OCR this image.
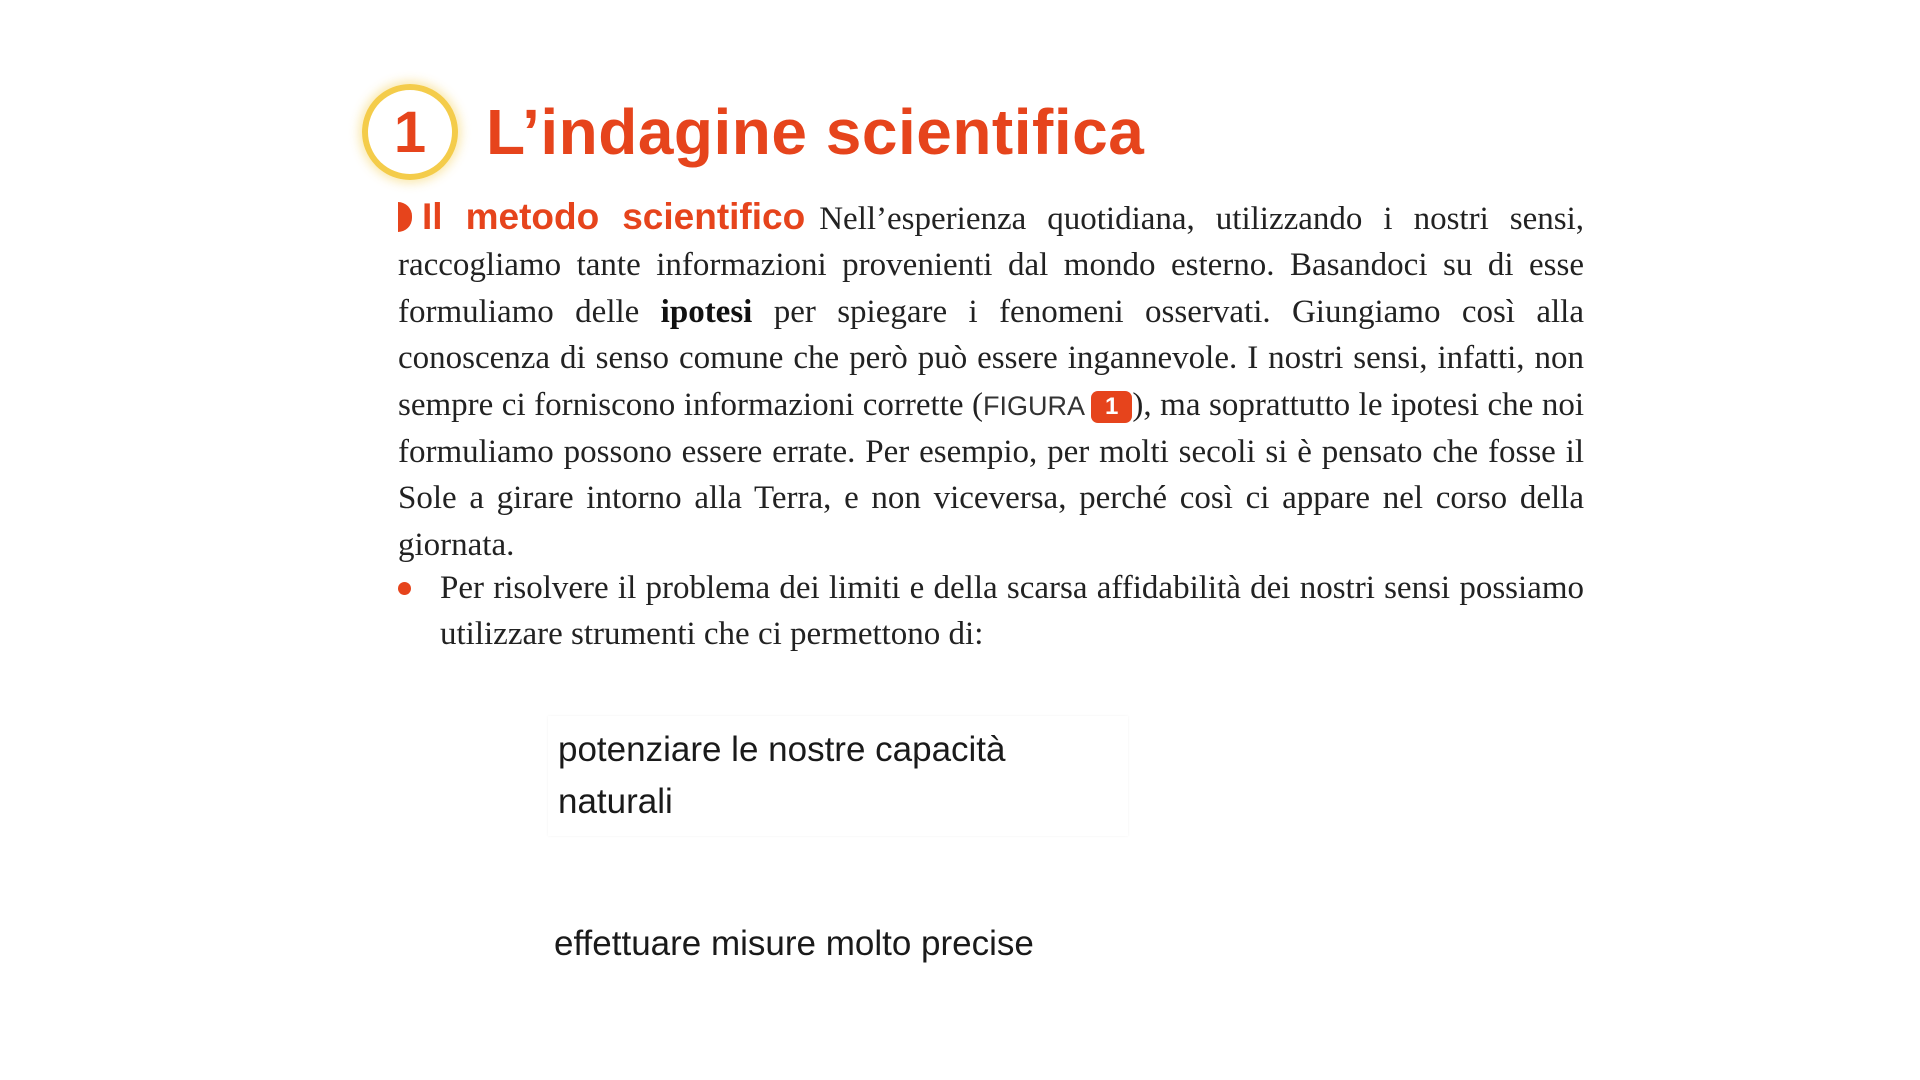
1 L’indagine scientifica
Il metodo scientifico Nell’esperienza quotidiana, utilizzando i nostri sensi, raccogliamo tante informazioni provenienti dal mondo esterno. Basandoci su di esse formuliamo delle ipotesi per spiegare i fenomeni osservati. Giungiamo così alla conoscenza di senso comune che però può essere ingannevole. I nostri sensi, infatti, non sempre ci forniscono informazioni corrette (FIGURA 1 ), ma soprattutto le ipotesi che noi formuliamo possono essere errate. Per esempio, per molti secoli si è pensato che fosse il Sole a girare intorno alla Terra, e non viceversa, perché così ci appare nel corso della giornata.
Per risolvere il problema dei limiti e della scarsa affidabilità dei nostri sensi possiamo utilizzare strumenti che ci permettono di:
potenziare le nostre capacità naturali
effettuare misure molto precise
